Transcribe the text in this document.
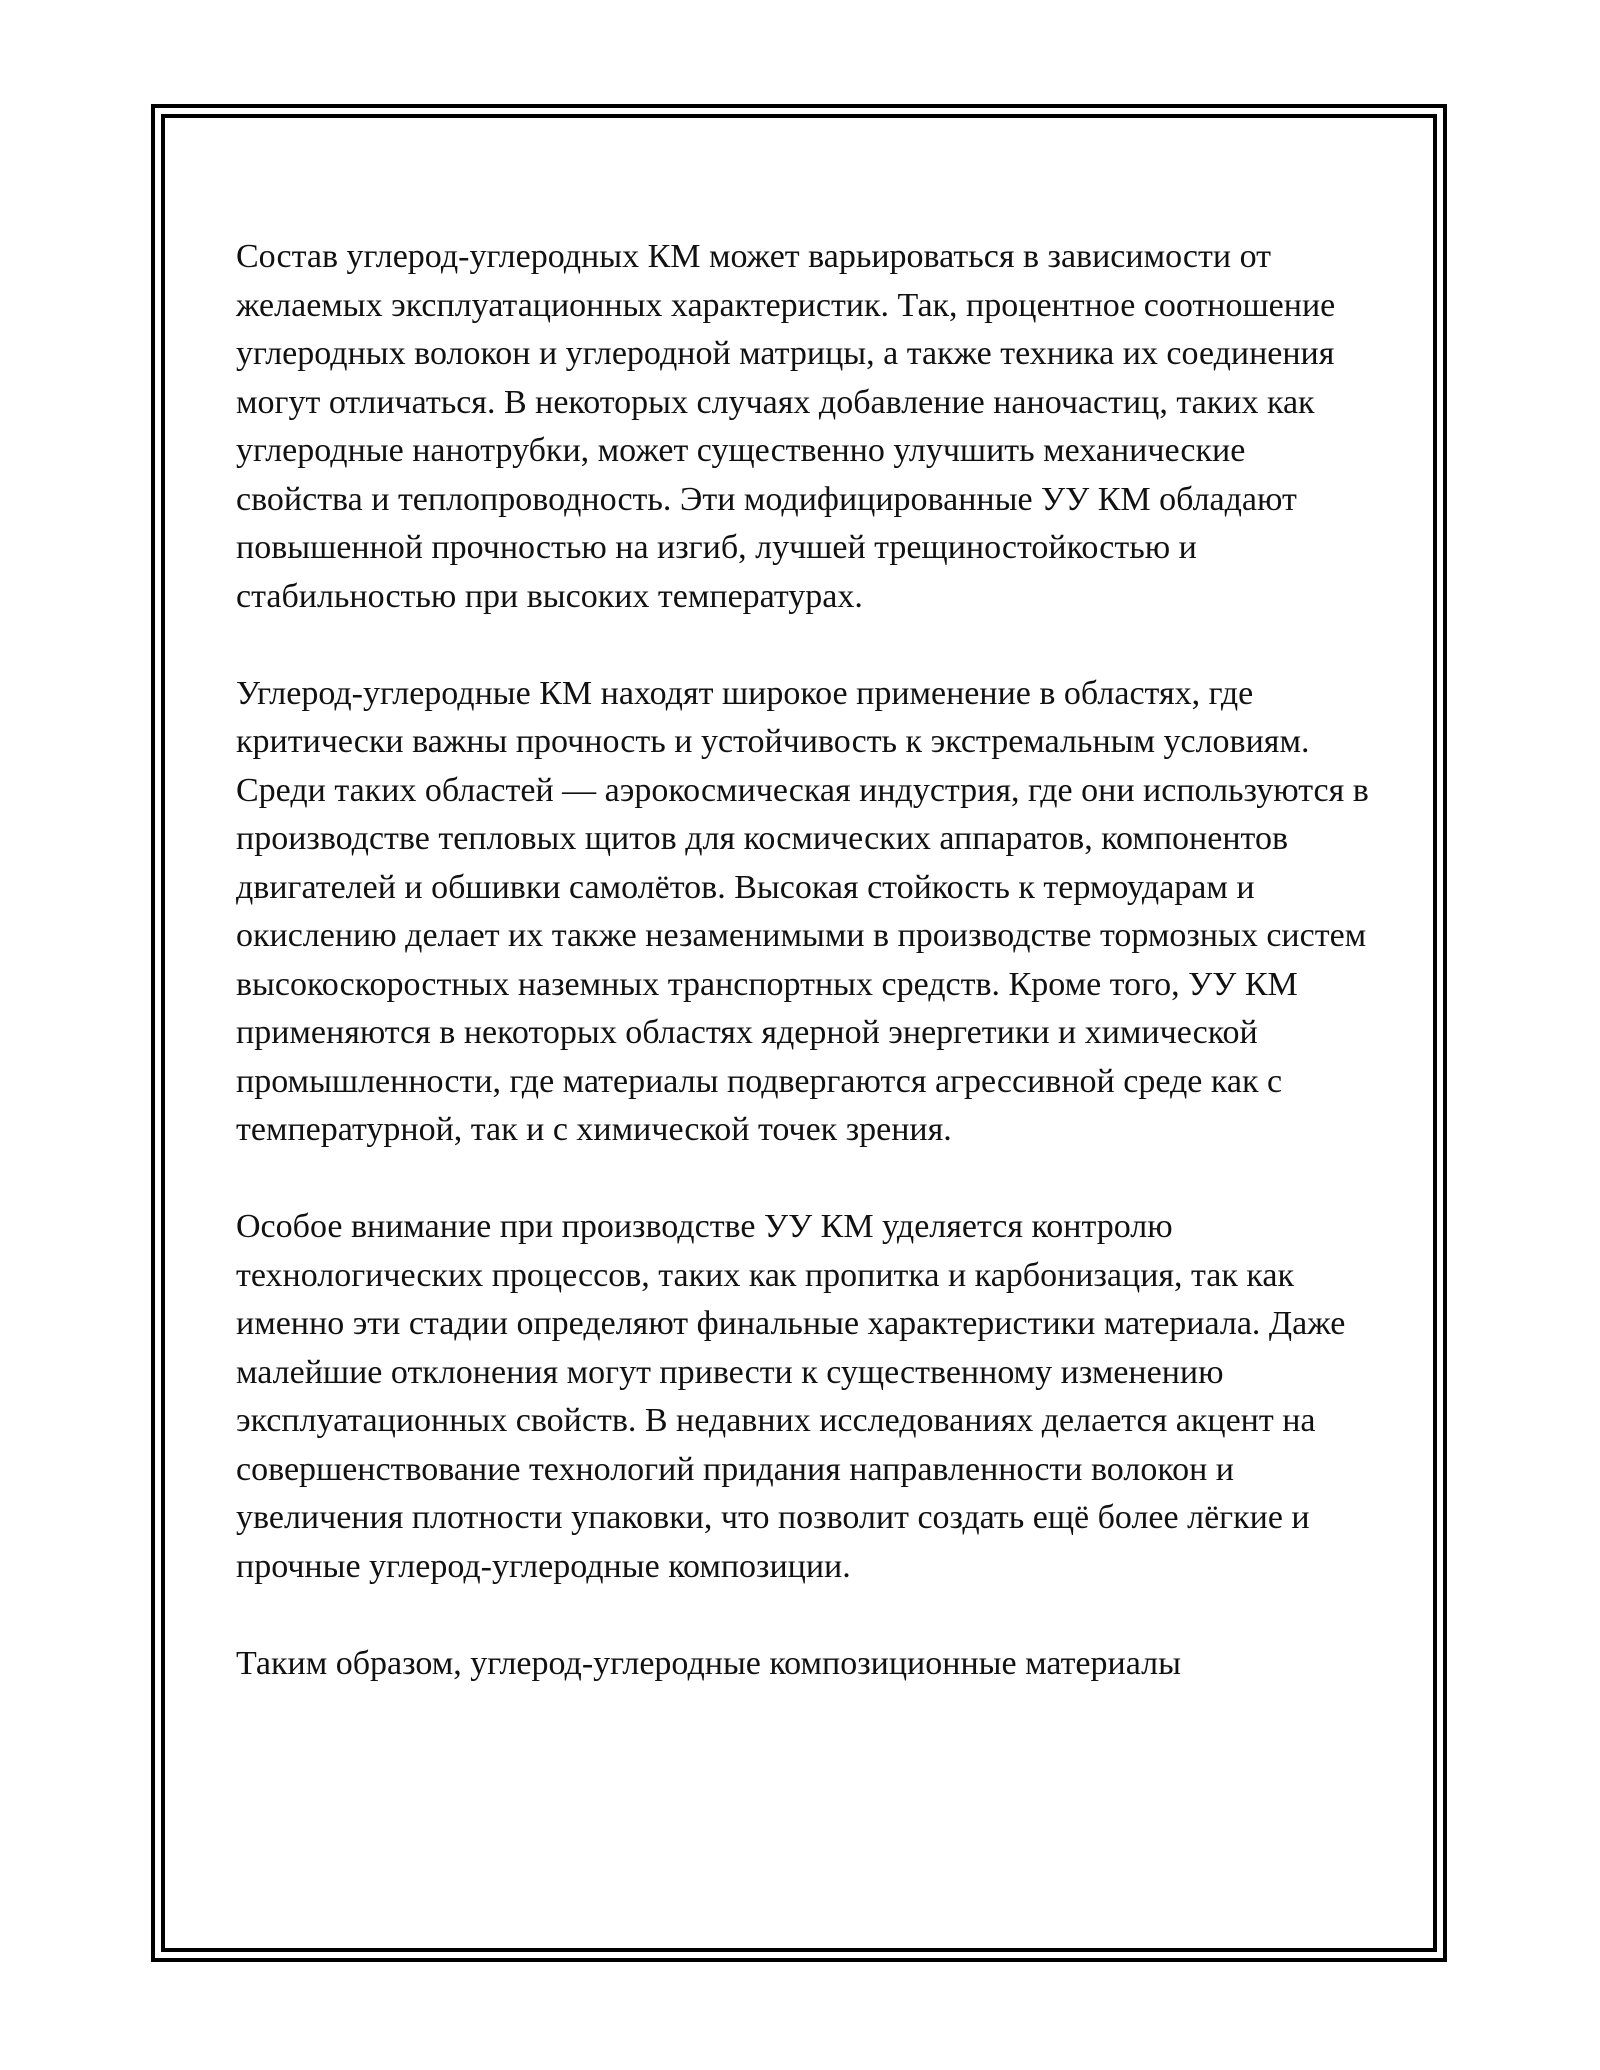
Состав углерод-углеродных КМ может варьироваться в зависимости от желаемых эксплуатационных характеристик. Так, процентное соотношение углеродных волокон и углеродной матрицы, а также техника их соединения могут отличаться. В некоторых случаях добавление наночастиц, таких как углеродные нанотрубки, может существенно улучшить механические свойства и теплопроводность. Эти модифицированные УУ КМ обладают повышенной прочностью на изгиб, лучшей трещиностойкостью и стабильностью при высоких температурах.

Углерод-углеродные КМ находят широкое применение в областях, где критически важны прочность и устойчивость к экстремальным условиям. Среди таких областей — аэрокосмическая индустрия, где они используются в производстве тепловых щитов для космических аппаратов, компонентов двигателей и обшивки самолётов. Высокая стойкость к термоударам и окислению делает их также незаменимыми в производстве тормозных систем высокоскоростных наземных транспортных средств. Кроме того, УУ КМ применяются в некоторых областях ядерной энергетики и химической промышленности, где материалы подвергаются агрессивной среде как с температурной, так и с химической точек зрения.

Особое внимание при производстве УУ КМ уделяется контролю технологических процессов, таких как пропитка и карбонизация, так как именно эти стадии определяют финальные характеристики материала. Даже малейшие отклонения могут привести к существенному изменению эксплуатационных свойств. В недавних исследованиях делается акцент на совершенствование технологий придания направленности волокон и увеличения плотности упаковки, что позволит создать ещё более лёгкие и прочные углерод-углеродные композиции.

Таким образом, углерод-углеродные композиционные материалы
